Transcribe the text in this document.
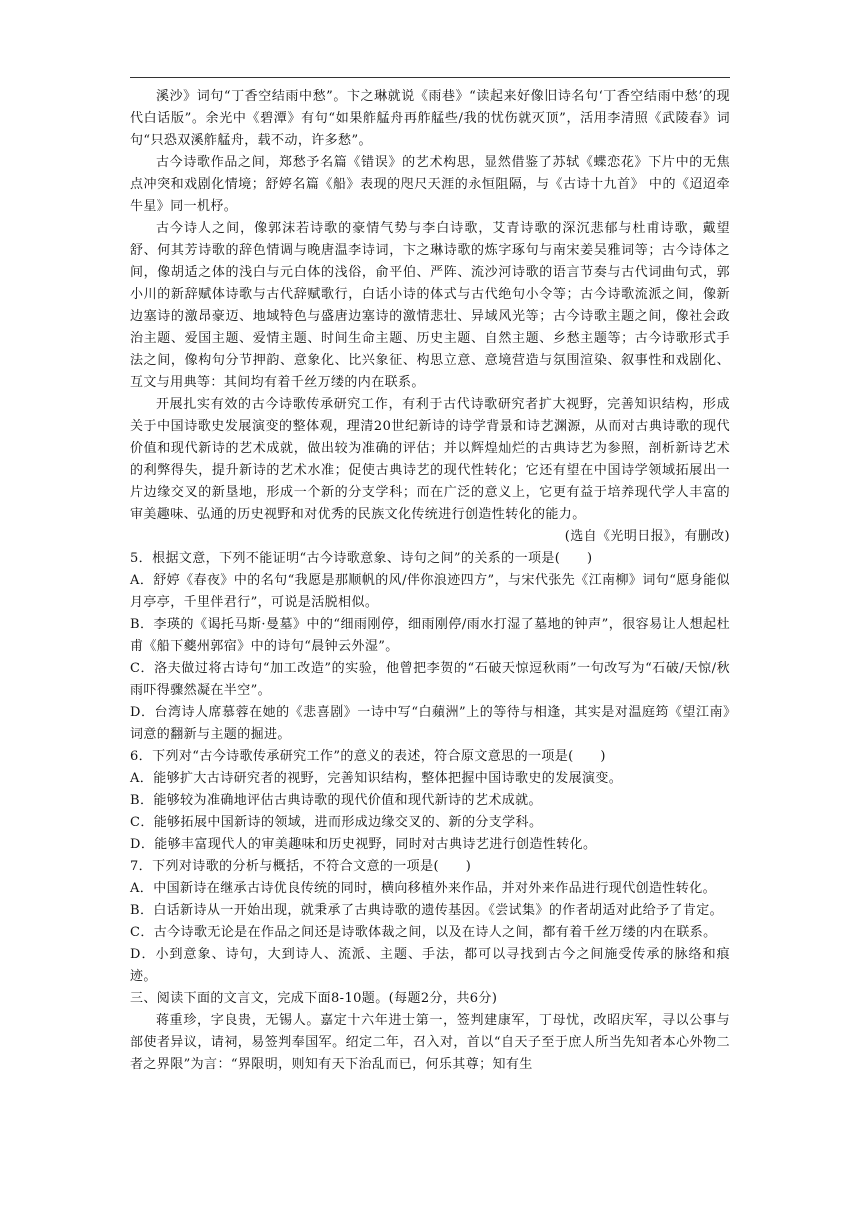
溪沙》词句“丁香空结雨中愁”。卞之琳就说《雨巷》“读起来好像旧诗名句‘丁香空结雨中愁’的现代白话版”。余光中《碧潭》有句“如果舴艋舟再舴艋些/我的忧伤就灭顶”，活用李清照《武陵春》词句“只恐双溪舴艋舟，载不动，许多愁”。

古今诗歌作品之间，郑愁予名篇《错误》的艺术构思，显然借鉴了苏轼《蝶恋花》下片中的无焦点冲突和戏剧化情境；舒婷名篇《船》表现的咫尺天涯的永恒阻隔，与《古诗十九首》 中的《迢迢牵牛星》同一机杼。

古今诗人之间，像郭沫若诗歌的豪情气势与李白诗歌，艾青诗歌的深沉悲郁与杜甫诗歌，戴望舒、何其芳诗歌的辞色情调与晚唐温李诗词，卞之琳诗歌的炼字琢句与南宋姜吴雅词等；古今诗体之间，像胡适之体的浅白与元白体的浅俗，俞平伯、严阵、流沙河诗歌的语言节奏与古代词曲句式，郭小川的新辞赋体诗歌与古代辞赋歌行，白话小诗的体式与古代绝句小令等；古今诗歌流派之间，像新边塞诗的激昂豪迈、地域特色与盛唐边塞诗的激情悲壮、异域风光等；古今诗歌主题之间，像社会政治主题、爱国主题、爱情主题、时间生命主题、历史主题、自然主题、乡愁主题等；古今诗歌形式手法之间，像构句分节押韵、意象化、比兴象征、构思立意、意境营造与氛围渲染、叙事性和戏剧化、互文与用典等：其间均有着千丝万缕的内在联系。

开展扎实有效的古今诗歌传承研究工作，有利于古代诗歌研究者扩大视野，完善知识结构，形成关于中国诗歌史发展演变的整体观，理清20世纪新诗的诗学背景和诗艺渊源，从而对古典诗歌的现代价值和现代新诗的艺术成就，做出较为准确的评估；并以辉煌灿烂的古典诗艺为参照，剖析新诗艺术的利弊得失，提升新诗的艺术水准；促使古典诗艺的现代性转化；它还有望在中国诗学领域拓展出一片边缘交叉的新垦地，形成一个新的分支学科；而在广泛的意义上，它更有益于培养现代学人丰富的审美趣味、弘通的历史视野和对优秀的民族文化传统进行创造性转化的能力。

(选自《光明日报》，有删改)

5．根据文意，下列不能证明“古今诗歌意象、诗句之间”的关系的一项是(　　)

A．舒婷《春夜》中的名句“我愿是那顺帆的风/伴你浪迹四方”，与宋代张先《江南柳》词句“愿身能似月亭亭，千里伴君行”，可说是活脱相似。

B．李瑛的《谒托马斯·曼墓》中的“细雨刚停，细雨刚停/雨水打湿了墓地的钟声”，很容易让人想起杜甫《船下夔州郭宿》中的诗句“晨钟云外湿”。

C．洛夫做过将古诗句“加工改造”的实验，他曾把李贺的“石破天惊逗秋雨”一句改写为“石破/天惊/秋雨吓得骤然凝在半空”。

D．台湾诗人席慕蓉在她的《悲喜剧》一诗中写“白蘋洲”上的等待与相逢，其实是对温庭筠《望江南》词意的翻新与主题的掘进。

6．下列对“古今诗歌传承研究工作”的意义的表述，符合原文意思的一项是(　　)

A．能够扩大古诗研究者的视野，完善知识结构，整体把握中国诗歌史的发展演变。

B．能够较为准确地评估古典诗歌的现代价值和现代新诗的艺术成就。

C．能够拓展中国新诗的领域，进而形成边缘交叉的、新的分支学科。

D．能够丰富现代人的审美趣味和历史视野，同时对古典诗艺进行创造性转化。

7．下列对诗歌的分析与概括，不符合文意的一项是(　　)

A．中国新诗在继承古诗优良传统的同时，横向移植外来作品，并对外来作品进行现代创造性转化。

B．白话新诗从一开始出现，就秉承了古典诗歌的遗传基因。《尝试集》的作者胡适对此给予了肯定。

C．古今诗歌无论是在作品之间还是诗歌体裁之间，以及在诗人之间，都有着千丝万缕的内在联系。

D．小到意象、诗句，大到诗人、流派、主题、手法，都可以寻找到古今之间施受传承的脉络和痕迹。

三、阅读下面的文言文，完成下面8-10题。(每题2分，共6分)

蒋重珍，字良贵，无锡人。嘉定十六年进士第一，签判建康军，丁母忧，改昭庆军，寻以公事与部使者异议，请祠，易签判奉国军。绍定二年，召入对，首以“自天子至于庶人所当先知者本心外物二者之界限”为言：“界限明，则知有天下治乱而已，何乐其尊；知有生
